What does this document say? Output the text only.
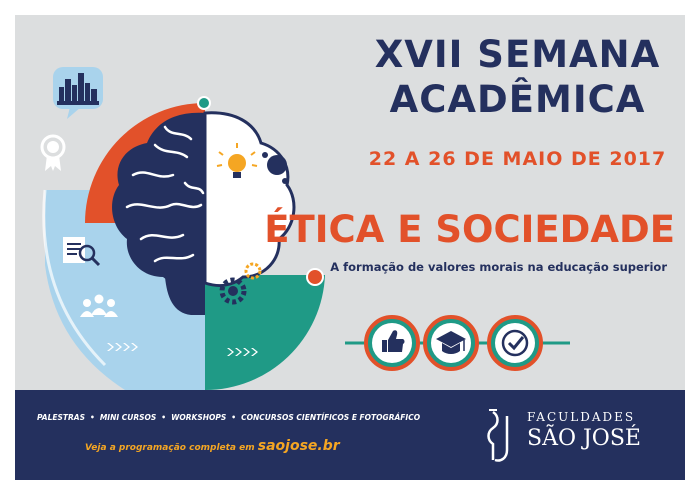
XVII SEMANA
ACADÊMICA
22 A 26 DE MAIO DE 2017
ÉTICA E SOCIEDADE
A formação de valores morais na educação superior
PALESTRAS • MINI CURSOS • WORKSHOPS • CONCURSOS CIENTÍFICOS E FOTOGRÁFICO
Veja a programação completa em saojose.br
FACULDADES
SÃO JOSÉ
